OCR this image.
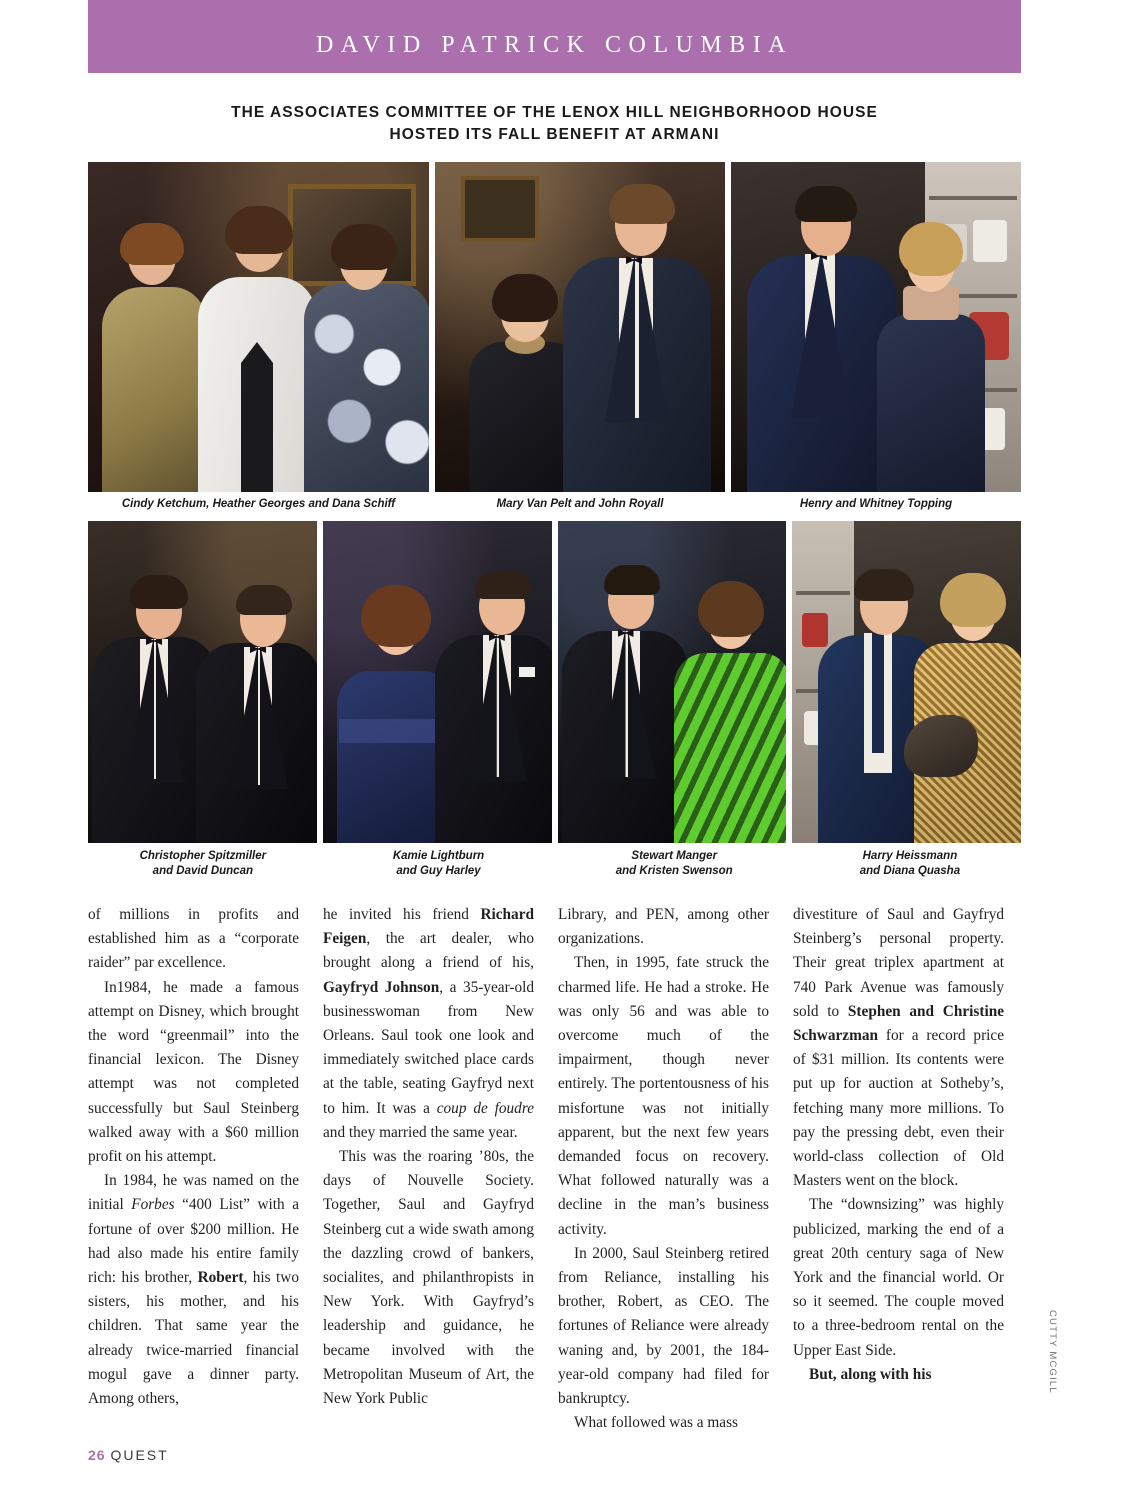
DAVID PATRICK COLUMBIA
THE ASSOCIATES COMMITTEE OF THE LENOX HILL NEIGHBORHOOD HOUSE
HOSTED ITS FALL BENEFIT AT ARMANI
Cindy Ketchum, Heather Georges and Dana Schiff	Mary Van Pelt and John Royall	Henry and Whitney Topping
Christopher Spitzmiller
and David Duncan
Kamie Lightburn
and Guy Harley
Stewart Manger
and Kristen Swenson
Harry Heissmann
and Diana Quasha

of millions in profits and established him as a “corporate raider” par excellence.

In1984, he made a famous attempt on Disney, which brought the word “greenmail” into the financial lexicon. The Disney attempt was not completed successfully but Saul Steinberg walked away with a $60 million profit on his attempt.

In 1984, he was named on the initial Forbes “400 List” with a fortune of over $200 million. He had also made his entire family rich: his brother, Robert, his two sisters, his mother, and his children. That same year the already twice-married financial mogul gave a dinner party. Among others,

he invited his friend Richard Feigen, the art dealer, who brought along a friend of his, Gayfryd Johnson, a 35-year-old businesswoman from New Orleans. Saul took one look and immediately switched place cards at the table, seating Gayfryd next to him. It was a coup de foudre and they married the same year.

This was the roaring ’80s, the days of Nouvelle Society. Together, Saul and Gayfryd Steinberg cut a wide swath among the dazzling crowd of bankers, socialites, and philanthropists in New York. With Gayfryd’s leadership and guidance, he became involved with the Metropolitan Museum of Art, the New York Public

Library, and PEN, among other organizations.

Then, in 1995, fate struck the charmed life. He had a stroke. He was only 56 and was able to overcome much of the impairment, though never entirely. The portentousness of his misfortune was not initially apparent, but the next few years demanded focus on recovery. What followed naturally was a decline in the man’s business activity.

In 2000, Saul Steinberg retired from Reliance, installing his brother, Robert, as CEO. The fortunes of Reliance were already waning and, by 2001, the 184-year-old company had filed for bankruptcy.

What followed was a mass

divestiture of Saul and Gayfryd Steinberg’s personal property. Their great triplex apartment at 740 Park Avenue was famously sold to Stephen and Christine Schwarzman for a record price of $31 million. Its contents were put up for auction at Sotheby’s, fetching many more millions. To pay the pressing debt, even their world-class collection of Old Masters went on the block.

The “downsizing” was highly publicized, marking the end of a great 20th century saga of New York and the financial world. Or so it seemed. The couple moved to a three-bedroom rental on the Upper East Side.

But, along with his

26 QUEST
CUTTY MCGILL
